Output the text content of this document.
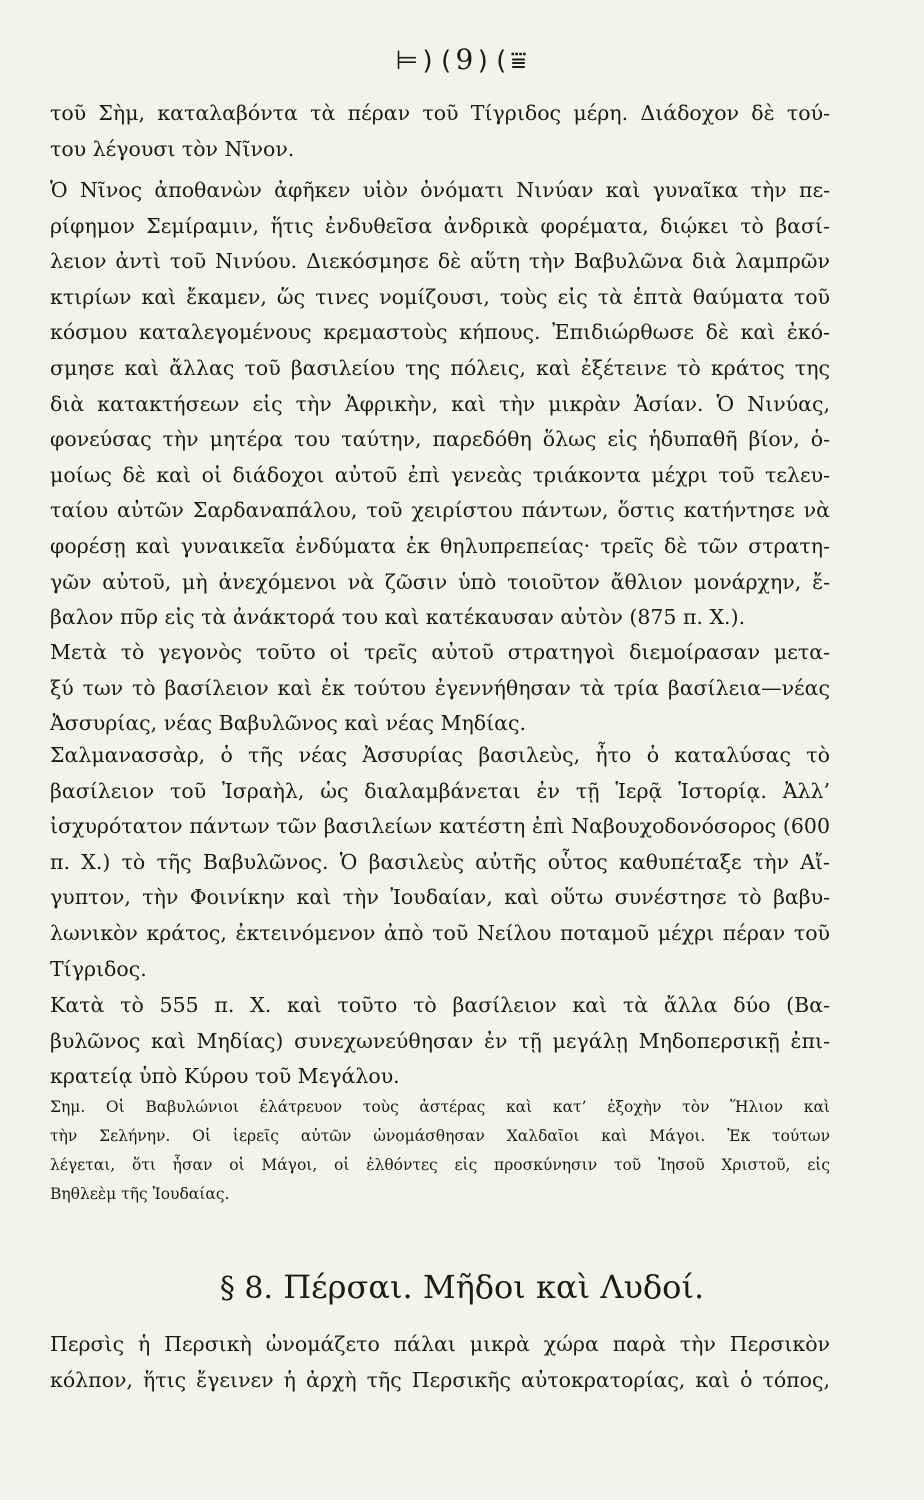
⊨)(9)(⩸
τοῦ Σὴμ, καταλαβόντα τὰ πέραν τοῦ Τίγριδος μέρη. Διάδοχον δὲ τού-
του λέγουσι τὸν Νῖνον.
Ὁ Νῖνος ἀποθανὼν ἀφῆκεν υἱὸν ὀνόματι Νινύαν καὶ γυναῖκα τὴν πε-
ρίφημον Σεμίραμιν, ἥτις ἐνδυθεῖσα ἀνδρικὰ φορέματα, διῴκει τὸ βασί-
λειον ἀντὶ τοῦ Νινύου. Διεκόσμησε δὲ αὕτη τὴν Βαβυλῶνα διὰ λαμπρῶν
κτιρίων καὶ ἔκαμεν, ὥς τινες νομίζουσι, τοὺς εἰς τὰ ἑπτὰ θαύματα τοῦ
κόσμου καταλεγομένους κρεμαστοὺς κήπους. Ἐπιδιώρθωσε δὲ καὶ ἐκό-
σμησε καὶ ἄλλας τοῦ βασιλείου της πόλεις, καὶ ἐξέτεινε τὸ κράτος της
διὰ κατακτήσεων εἰς τὴν Ἀφρικὴν, καὶ τὴν μικρὰν Ἀσίαν. Ὁ Νινύας,
φονεύσας τὴν μητέρα του ταύτην, παρεδόθη ὅλως εἰς ἡδυπαθῆ βίον, ὁ-
μοίως δὲ καὶ οἱ διάδοχοι αὐτοῦ ἐπὶ γενεὰς τριάκοντα μέχρι τοῦ τελευ-
ταίου αὐτῶν Σαρδαναπάλου, τοῦ χειρίστου πάντων, ὅστις κατήντησε νὰ
φορέσῃ καὶ γυναικεῖα ἐνδύματα ἐκ θηλυπρεπείας· τρεῖς δὲ τῶν στρατη-
γῶν αὐτοῦ, μὴ ἀνεχόμενοι νὰ ζῶσιν ὑπὸ τοιοῦτον ἄθλιον μονάρχην, ἔ-
βαλον πῦρ εἰς τὰ ἀνάκτορά του καὶ κατέκαυσαν αὐτὸν (875 π. Χ.).
Μετὰ τὸ γεγονὸς τοῦτο οἱ τρεῖς αὐτοῦ στρατηγοὶ διεμοίρασαν μετα-
ξύ των τὸ βασίλειον καὶ ἐκ τούτου ἐγεννήθησαν τὰ τρία βασίλεια—νέας
Ἀσσυρίας, νέας Βαβυλῶνος καὶ νέας Μηδίας.
Σαλμανασσὰρ, ὁ τῆς νέας Ἀσσυρίας βασιλεὺς, ἦτο ὁ καταλύσας τὸ
βασίλειον τοῦ Ἰσραὴλ, ὡς διαλαμβάνεται ἐν τῇ Ἱερᾷ Ἱστορίᾳ. Ἀλλ’
ἰσχυρότατον πάντων τῶν βασιλείων κατέστη ἐπὶ Ναβουχοδονόσορος (600
π. Χ.) τὸ τῆς Βαβυλῶνος. Ὁ βασιλεὺς αὐτῆς οὗτος καθυπέταξε τὴν Αἴ-
γυπτον, τὴν Φοινίκην καὶ τὴν Ἰουδαίαν, καὶ οὕτω συνέστησε τὸ βαβυ-
λωνικὸν κράτος, ἐκτεινόμενον ἀπὸ τοῦ Νείλου ποταμοῦ μέχρι πέραν τοῦ
Τίγριδος.
Κατὰ τὸ 555 π. Χ. καὶ τοῦτο τὸ βασίλειον καὶ τὰ ἄλλα δύο (Βα-
βυλῶνος καὶ Μηδίας) συνεχωνεύθησαν ἐν τῇ μεγάλῃ Μηδοπερσικῇ ἐπι-
κρατείᾳ ὑπὸ Κύρου τοῦ Μεγάλου.
Σημ. Οἱ Βαβυλώνιοι ἐλάτρευον τοὺς ἀστέρας καὶ κατ’ ἐξοχὴν τὸν Ἥλιον καὶ
τὴν Σελήνην. Οἱ ἱερεῖς αὐτῶν ὠνομάσθησαν Χαλδαῖοι καὶ Μάγοι. Ἐκ τούτων
λέγεται, ὅτι ἦσαν οἱ Μάγοι, οἱ ἐλθόντες εἰς προσκύνησιν τοῦ Ἰησοῦ Χριστοῦ, εἰς
Βηθλεὲμ τῆς Ἰουδαίας.
§ 8. Πέρσαι. Μῆδοι καὶ Λυδοί.
Περσὶς ἡ Περσικὴ ὠνομάζετο πάλαι μικρὰ χώρα παρὰ τὴν Περσικὸν
κόλπον, ἥτις ἔγεινεν ἡ ἀρχὴ τῆς Περσικῆς αὐτοκρατορίας, καὶ ὁ τόπος,
